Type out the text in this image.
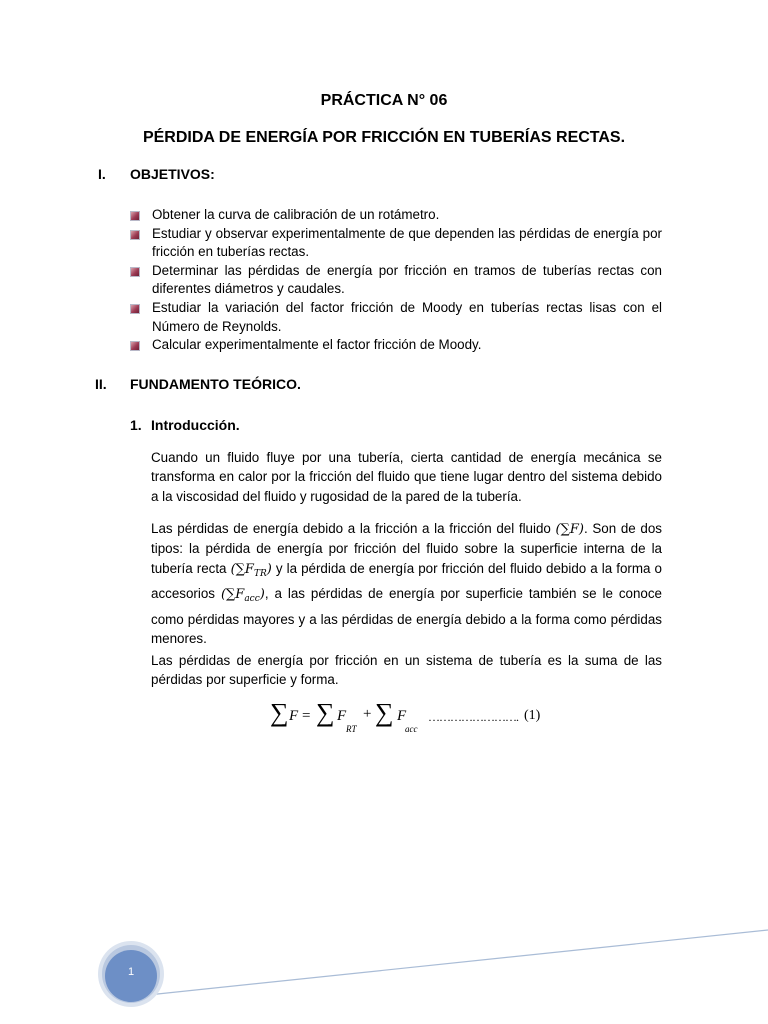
PRÁCTICA N° 06
PÉRDIDA DE ENERGÍA POR FRICCIÓN EN TUBERÍAS RECTAS.
I. OBJETIVOS:
Obtener la curva de calibración de un rotámetro.
Estudiar y observar experimentalmente de que dependen las pérdidas de energía por fricción en tuberías rectas.
Determinar las pérdidas de energía por fricción en tramos de tuberías rectas con diferentes diámetros y caudales.
Estudiar la variación del factor fricción de Moody en tuberías rectas lisas con el Número de Reynolds.
Calcular experimentalmente el factor fricción de Moody.
II. FUNDAMENTO TEÓRICO.
1. Introducción.

Cuando un fluido fluye por una tubería, cierta cantidad de energía mecánica se transforma en calor por la fricción del fluido que tiene lugar dentro del sistema debido a la viscosidad del fluido y rugosidad de la pared de la tubería.

Las pérdidas de energía debido a la fricción a la fricción del fluido (∑F). Son de dos tipos: la pérdida de energía por fricción del fluido sobre la superficie interna de la tubería recta $(\sum F_{TR})$ y la pérdida de energía por fricción del fluido debido a la forma o accesorios $(\sum F_{acc})$, a las pérdidas de energía por superficie también se le conoce como pérdidas mayores y a las pérdidas de energía debido a la forma como pérdidas menores.

Las pérdidas de energía por fricción en un sistema de tubería es la suma de las pérdidas por superficie y forma.

∑ F = ∑ F
RT
+ ∑ F
acc
……………………. (1)
1
